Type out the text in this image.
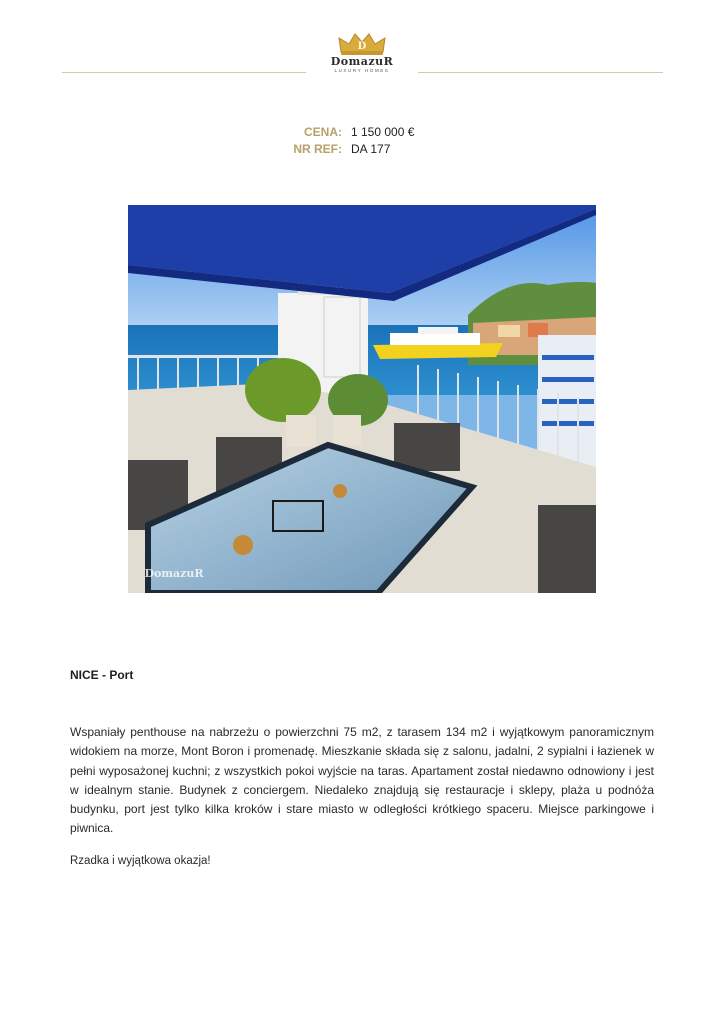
D
DomazuR
LUXURY HOMES
CENA: 1 150 000 €
NR REF: DA 177
DomazuR
NICE - Port

Wspaniały penthouse na nabrzeżu o powierzchni 75 m2, z tarasem 134 m2 i wyjątkowym panoramicznym widokiem na morze, Mont Boron i promenadę. Mieszkanie składa się z salonu, jadalni, 2 sypialni i łazienek w pełni wyposażonej kuchni; z wszystkich pokoi wyjście na taras. Apartament został niedawno odnowiony i jest w idealnym stanie. Budynek z conciergem. Niedaleko znajdują się restauracje i sklepy, plaża u podnóża budynku, port jest tylko kilka kroków i stare miasto w odległości krótkiego spaceru. Miejsce parkingowe i piwnica.

Rzadka i wyjątkowa okazja!
